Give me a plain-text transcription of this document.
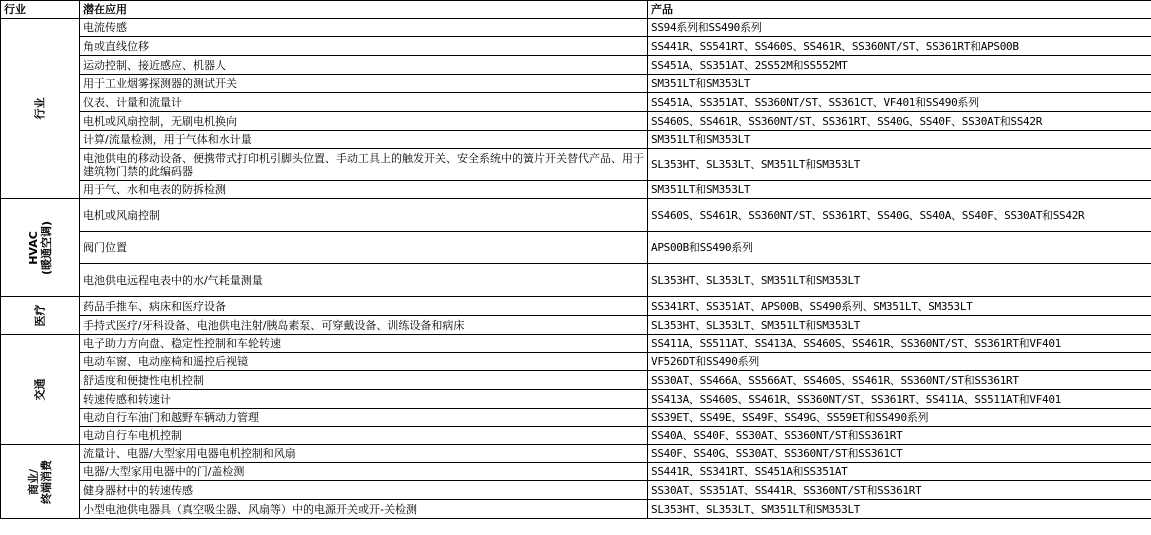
行业	潜在应用	产品

行业	电流传感	SS94系列和SS490系列
	角或直线位移	SS441R、SS541RT、SS460S、SS461R、SS360NT/ST、SS361RT和APS00B
	运动控制、接近感应、机器人	SS451A、SS351AT、2SS52M和SS552MT
	用于工业烟雾探测器的测试开关	SM351LT和SM353LT
	仪表、计量和流量计	SS451A、SS351AT、SS360NT/ST、SS361CT、VF401和SS490系列
	电机或风扇控制，无刷电机换向	SS460S、SS461R、SS360NT/ST、SS361RT、SS40G、SS40F、SS30AT和SS42R
	计算/流量检测，用于气体和水计量	SM351LT和SM353LT
	电池供电的移动设备、便携带式打印机引脚头位置、手动工具上的触发开关、安全系统中的簧片开关替代产品、用于建筑物门禁的此编码器	SL353HT、SL353LT、SM351LT和SM353LT
	用于气、水和电表的防拆检测	SM351LT和SM353LT

HVAC (暖通空调)	电机或风扇控制	SS460S、SS461R、SS360NT/ST、SS361RT、SS40G、SS40A、SS40F、SS30AT和SS42R
	阀门位置	APS00B和SS490系列
	电池供电远程电表中的水/气耗量测量	SL353HT、SL353LT、SM351LT和SM353LT

医疗	药品手推车、病床和医疗设备	SS341RT、SS351AT、APS00B、SS490系列、SM351LT、SM353LT
	手持式医疗/牙科设备、电池供电注射/胰岛素泵、可穿戴设备、训练设备和病床	SL353HT、SL353LT、SM351LT和SM353LT

交通	电子助力方向盘、稳定性控制和车轮转速	SS411A、SS511AT、SS413A、SS460S、SS461R、SS360NT/ST、SS361RT和VF401
	电动车窗、电动座椅和遥控后视镜	VF526DT和SS490系列
	舒适度和便捷性电机控制	SS30AT、SS466A、SS566AT、SS460S、SS461R、SS360NT/ST和SS361RT
	转速传感和转速计	SS413A、SS460S、SS461R、SS360NT/ST、SS361RT、SS411A、SS511AT和VF401
	电动自行车油门和越野车辆动力管理	SS39ET、SS49E、SS49F、SS49G、SS59ET和SS490系列
	电动自行车电机控制	SS40A、SS40F、SS30AT、SS360NT/ST和SS361RT

商业/ 终端消费	流量计、电器/大型家用电器电机控制和风扇	SS40F、SS40G、SS30AT、SS360NT/ST和SS361CT
	电器/大型家用电器中的门/盖检测	SS441R、SS341RT、SS451A和SS351AT
	健身器材中的转速传感	SS30AT、SS351AT、SS441R、SS360NT/ST和SS361RT
	小型电池供电器具（真空吸尘器、风扇等）中的电源开关或开-关检测	SL353HT、SL353LT、SM351LT和SM353LT
